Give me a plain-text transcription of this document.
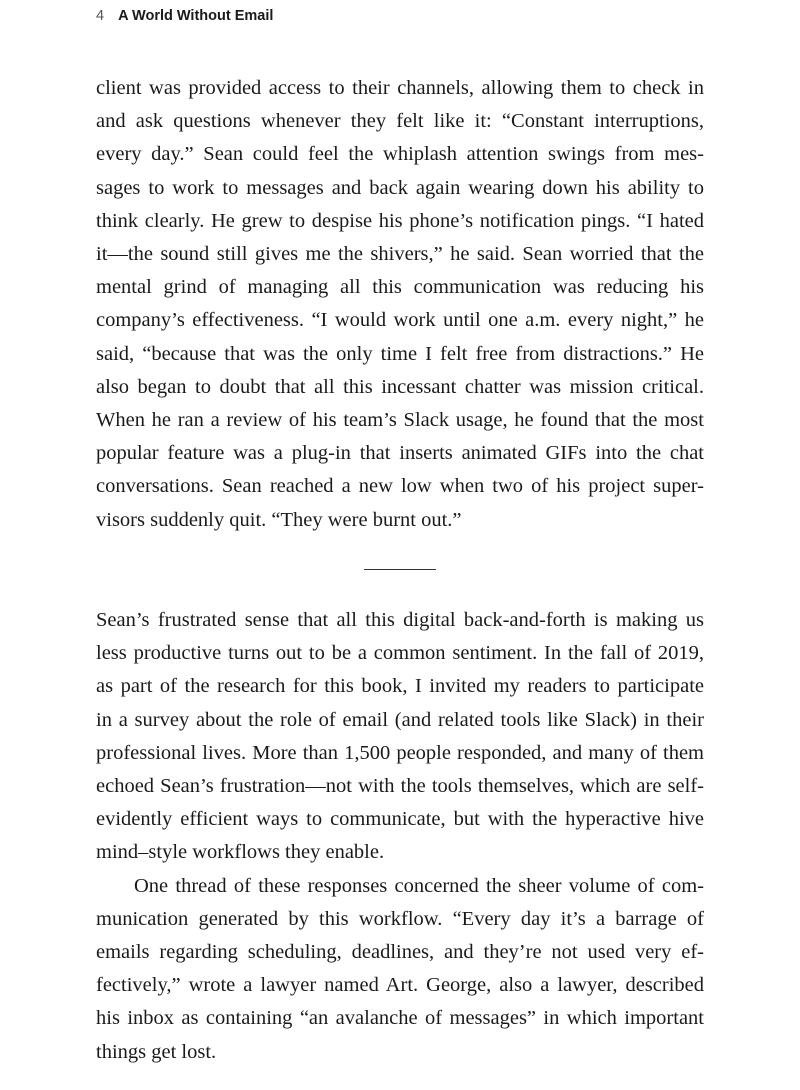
4 A World Without Email

client was provided access to their channels, allowing them to check in
and ask questions whenever they felt like it: “Constant interruptions,
every day.” Sean could feel the whiplash attention swings from mes-
sages to work to messages and back again wearing down his ability to
think clearly. He grew to despise his phone’s notification pings. “I hated
it—the sound still gives me the shivers,” he said. Sean worried that the
mental grind of managing all this communication was reducing his
company’s effectiveness. “I would work until one a.m. every night,” he
said, “because that was the only time I felt free from distractions.” He
also began to doubt that all this incessant chatter was mission critical.
When he ran a review of his team’s Slack usage, he found that the most
popular feature was a plug-in that inserts animated GIFs into the chat
conversations. Sean reached a new low when two of his project super-
visors suddenly quit. “They were burnt out.”

Sean’s frustrated sense that all this digital back-and-forth is making us
less productive turns out to be a common sentiment. In the fall of 2019,
as part of the research for this book, I invited my readers to participate
in a survey about the role of email (and related tools like Slack) in their
professional lives. More than 1,500 people responded, and many of them
echoed Sean’s frustration—not with the tools themselves, which are self-
evidently efficient ways to communicate, but with the hyperactive hive
mind–style workflows they enable.

One thread of these responses concerned the sheer volume of com-
munication generated by this workflow. “Every day it’s a barrage of
emails regarding scheduling, deadlines, and they’re not used very ef-
fectively,” wrote a lawyer named Art. George, also a lawyer, described
his inbox as containing “an avalanche of messages” in which important
things get lost.
